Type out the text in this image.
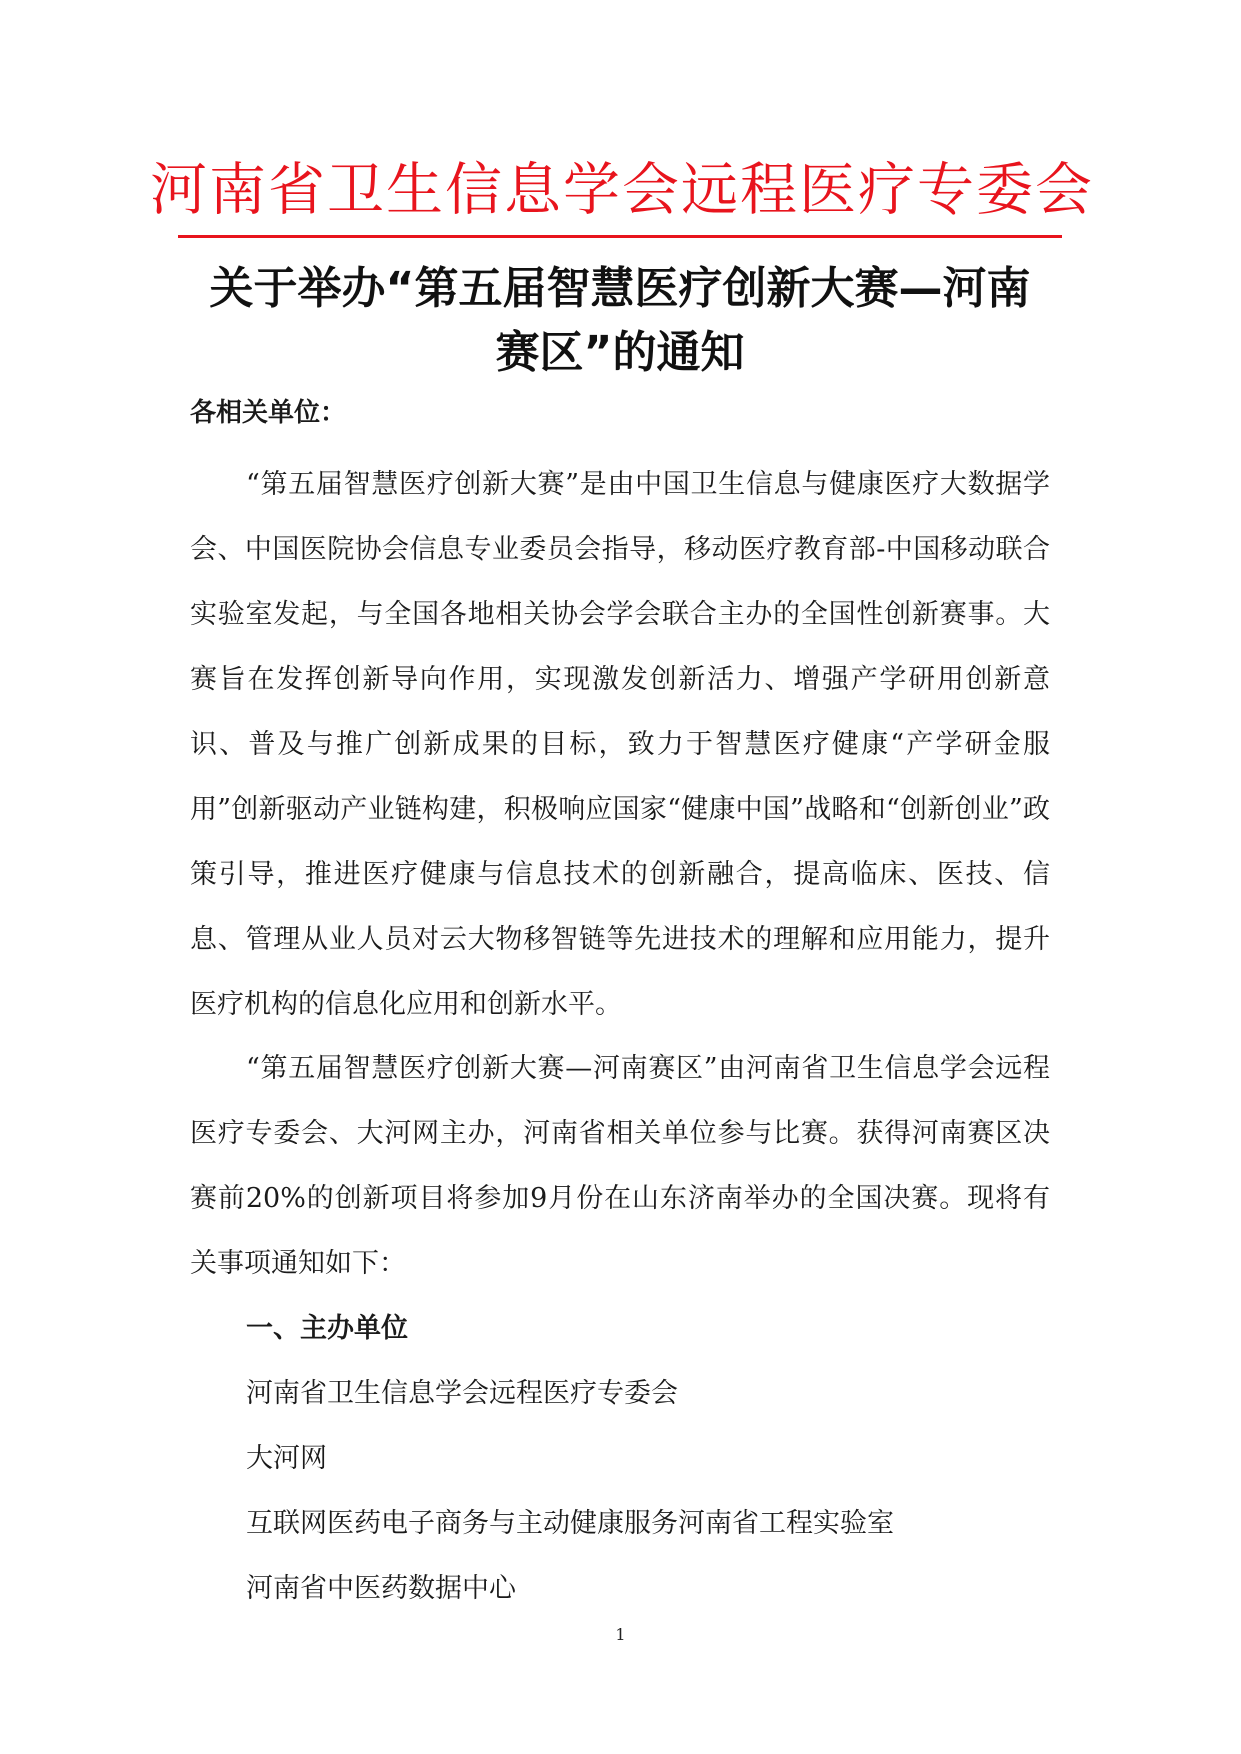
河南省卫生信息学会远程医疗专委会
关于举办“第五届智慧医疗创新大赛—河南
赛区”的通知
各相关单位：
“第五届智慧医疗创新大赛”是由中国卫生信息与健康医疗大数据学会、中国医院协会信息专业委员会指导，移动医疗教育部-中国移动联合实验室发起，与全国各地相关协会学会联合主办的全国性创新赛事。大赛旨在发挥创新导向作用，实现激发创新活力、增强产学研用创新意识、普及与推广创新成果的目标，致力于智慧医疗健康“产学研金服用”创新驱动产业链构建，积极响应国家“健康中国”战略和“创新创业”政策引导，推进医疗健康与信息技术的创新融合，提高临床、医技、信息、管理从业人员对云大物移智链等先进技术的理解和应用能力，提升医疗机构的信息化应用和创新水平。
“第五届智慧医疗创新大赛—河南赛区”由河南省卫生信息学会远程医疗专委会、大河网主办，河南省相关单位参与比赛。获得河南赛区决赛前20%的创新项目将参加9月份在山东济南举办的全国决赛。现将有关事项通知如下：
一、主办单位
河南省卫生信息学会远程医疗专委会
大河网
互联网医药电子商务与主动健康服务河南省工程实验室
河南省中医药数据中心
1
